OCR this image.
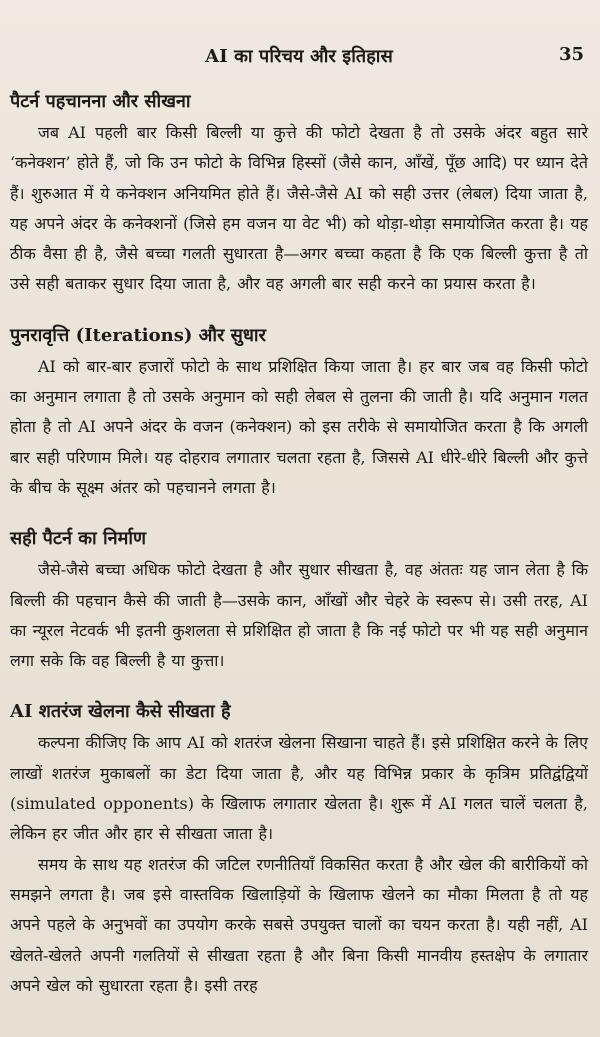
AI का परिचय और इतिहास	35
पैटर्न पहचानना और सीखना

जब AI पहली बार किसी बिल्ली या कुत्ते की फोटो देखता है तो उसके अंदर बहुत सारे ‘कनेक्शन’ होते हैं, जो कि उन फोटो के विभिन्न हिस्सों (जैसे कान, आँखें, पूँछ आदि) पर ध्यान देते हैं। शुरुआत में ये कनेक्शन अनियमित होते हैं। जैसे-जैसे AI को सही उत्तर (लेबल) दिया जाता है, यह अपने अंदर के कनेक्शनों (जिसे हम वजन या वेट भी) को थोड़ा-थोड़ा समायोजित करता है। यह ठीक वैसा ही है, जैसे बच्चा गलती सुधारता है—अगर बच्चा कहता है कि एक बिल्ली कुत्ता है तो उसे सही बताकर सुधार दिया जाता है, और वह अगली बार सही करने का प्रयास करता है।

पुनरावृत्ति (Iterations) और सुधार

AI को बार-बार हजारों फोटो के साथ प्रशिक्षित किया जाता है। हर बार जब वह किसी फोटो का अनुमान लगाता है तो उसके अनुमान को सही लेबल से तुलना की जाती है। यदि अनुमान गलत होता है तो AI अपने अंदर के वजन (कनेक्शन) को इस तरीके से समायोजित करता है कि अगली बार सही परिणाम मिले। यह दोहराव लगातार चलता रहता है, जिससे AI धीरे-धीरे बिल्ली और कुत्ते के बीच के सूक्ष्म अंतर को पहचानने लगता है।

सही पैटर्न का निर्माण

जैसे-जैसे बच्चा अधिक फोटो देखता है और सुधार सीखता है, वह अंततः यह जान लेता है कि बिल्ली की पहचान कैसे की जाती है—उसके कान, आँखों और चेहरे के स्वरूप से। उसी तरह, AI का न्यूरल नेटवर्क भी इतनी कुशलता से प्रशिक्षित हो जाता है कि नई फोटो पर भी यह सही अनुमान लगा सके कि वह बिल्ली है या कुत्ता।

AI शतरंज खेलना कैसे सीखता है

कल्पना कीजिए कि आप AI को शतरंज खेलना सिखाना चाहते हैं। इसे प्रशिक्षित करने के लिए लाखों शतरंज मुकाबलों का डेटा दिया जाता है, और यह विभिन्न प्रकार के कृत्रिम प्रतिद्वंद्वियों (simulated opponents) के खिलाफ लगातार खेलता है। शुरू में AI गलत चालें चलता है, लेकिन हर जीत और हार से सीखता जाता है।

समय के साथ यह शतरंज की जटिल रणनीतियाँ विकसित करता है और खेल की बारीकियों को समझने लगता है। जब इसे वास्तविक खिलाड़ियों के खिलाफ खेलने का मौका मिलता है तो यह अपने पहले के अनुभवों का उपयोग करके सबसे उपयुक्त चालों का चयन करता है। यही नहीं, AI खेलते-खेलते अपनी गलतियों से सीखता रहता है और बिना किसी मानवीय हस्तक्षेप के लगातार अपने खेल को सुधारता रहता है। इसी तरह
